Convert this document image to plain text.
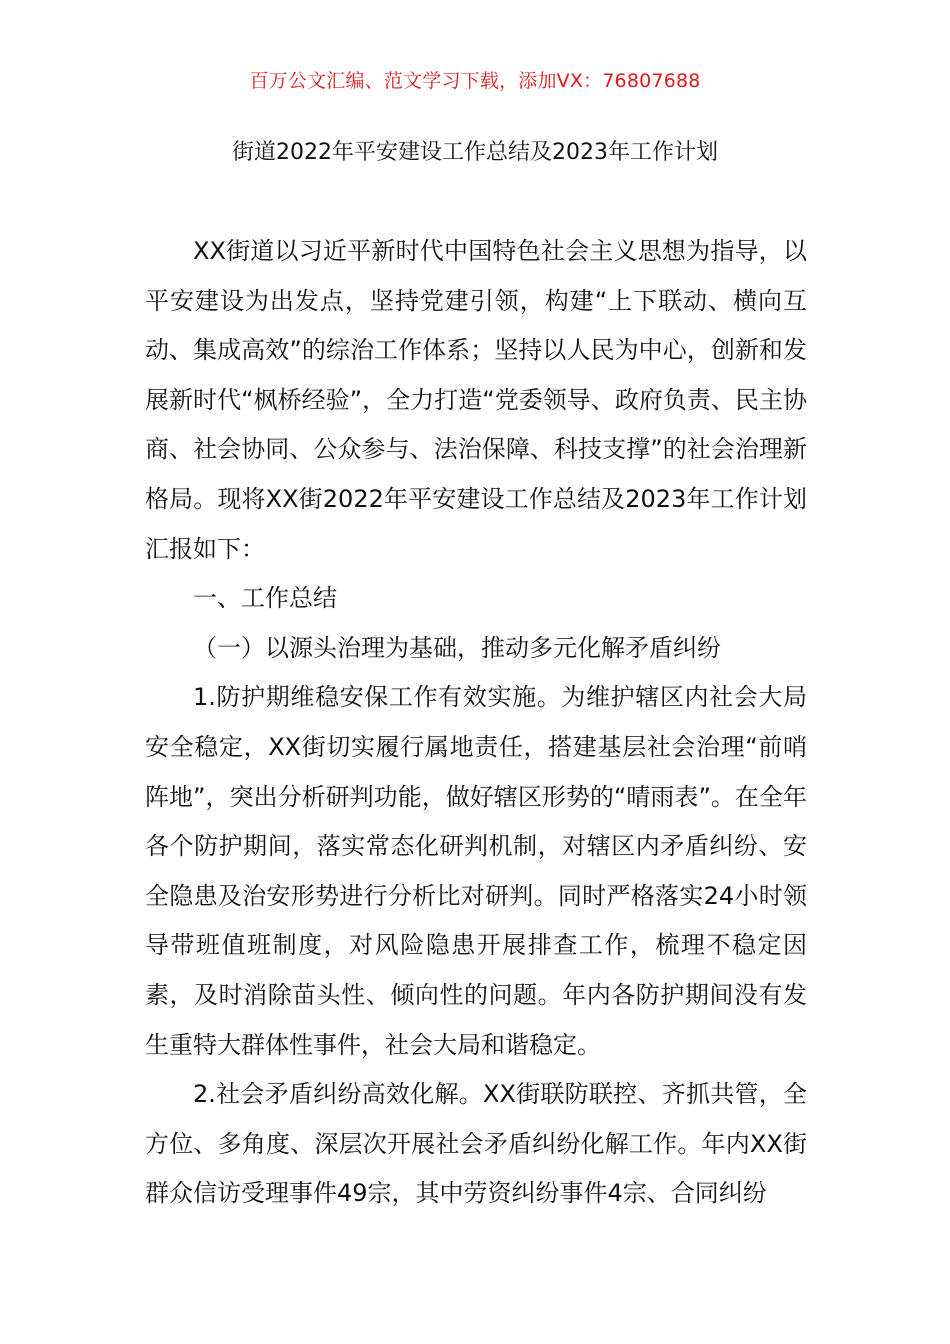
百万公文汇编、范文学习下载，添加VX：76807688
街道2022年平安建设工作总结及2023年工作计划

XX街道以习近平新时代中国特色社会主义思想为指导，以平安建设为出发点，坚持党建引领，构建“上下联动、横向互动、集成高效”的综治工作体系；坚持以人民为中心，创新和发展新时代“枫桥经验”，全力打造“党委领导、政府负责、民主协商、社会协同、公众参与、法治保障、科技支撑”的社会治理新格局。现将XX街2022年平安建设工作总结及2023年工作计划汇报如下：

一、工作总结

（一）以源头治理为基础，推动多元化解矛盾纠纷

1.防护期维稳安保工作有效实施。为维护辖区内社会大局安全稳定，XX街切实履行属地责任，搭建基层社会治理“前哨阵地”，突出分析研判功能，做好辖区形势的“晴雨表”。在全年各个防护期间，落实常态化研判机制，对辖区内矛盾纠纷、安全隐患及治安形势进行分析比对研判。同时严格落实24小时领导带班值班制度，对风险隐患开展排查工作，梳理不稳定因素，及时消除苗头性、倾向性的问题。年内各防护期间没有发生重特大群体性事件，社会大局和谐稳定。

2.社会矛盾纠纷高效化解。XX街联防联控、齐抓共管，全方位、多角度、深层次开展社会矛盾纠纷化解工作。年内XX街群众信访受理事件49宗，其中劳资纠纷事件4宗、合同纠纷
